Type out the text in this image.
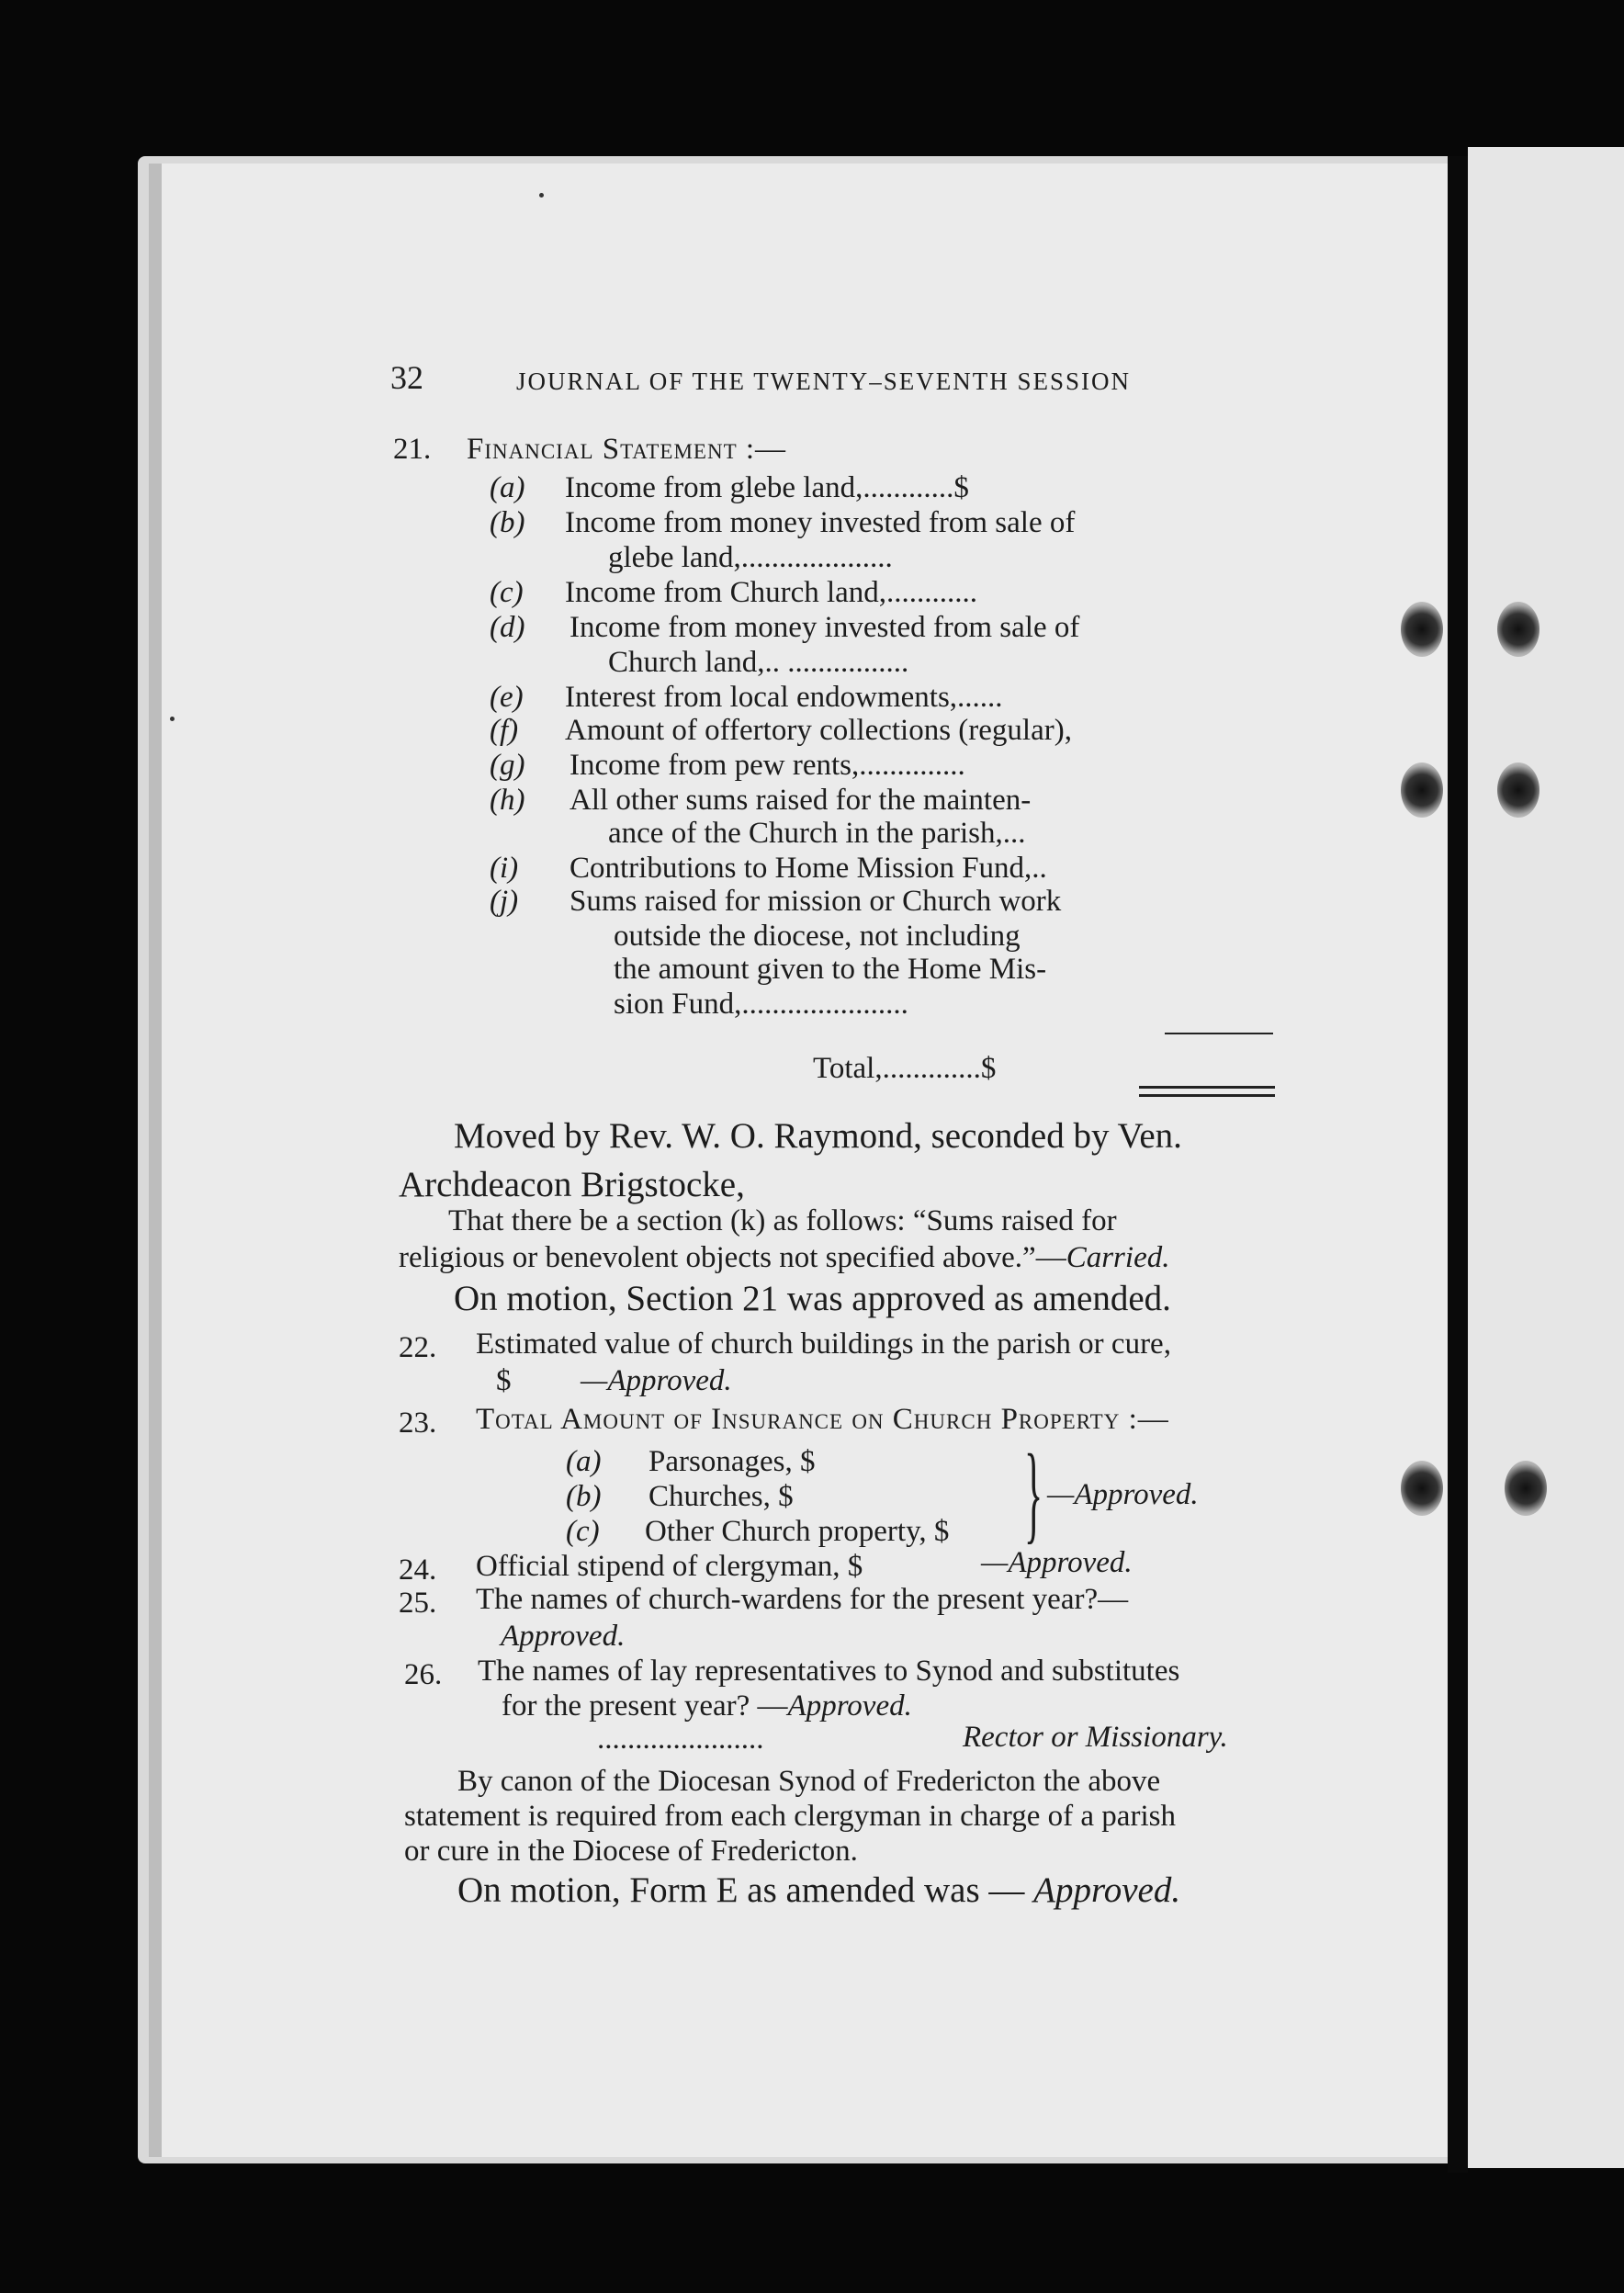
32	JOURNAL OF THE TWENTY–SEVENTH SESSION
21. Financial Statement :—
(a) Income from glebe land,............$
(b) Income from money invested from sale of
glebe land,....................
(c) Income from Church land,............
(d) Income from money invested from sale of
Church land,.. ................
(e) Interest from local endowments,......
(f) Amount of offertory collections (regular),
(g) Income from pew rents,..............
(h) All other sums raised for the mainten-
ance of the Church in the parish,...
(i) Contributions to Home Mission Fund,..
(j) Sums raised for mission or Church work
outside the diocese, not including
the amount given to the Home Mis-
sion Fund,......................
Total,.............$
Moved by Rev. W. O. Raymond, seconded by Ven.
Archdeacon Brigstocke,
That there be a section (k) as follows: “Sums raised for
religious or benevolent objects not specified above.”—Carried.
On motion, Section 21 was approved as amended.
22. Estimated value of church buildings in the parish or cure,
$ —Approved.
23. Total Amount of Insurance on Church Property :—
(a) Parsonages, $
(b) Churches, $
(c) Other Church property, $ } —Approved.
24. Official stipend of clergyman, $	—Approved.
25. The names of church-wardens for the present year?—
Approved.
26. The names of lay representatives to Synod and substitutes
for the present year? —Approved.
......................	Rector or Missionary.
By canon of the Diocesan Synod of Fredericton the above
statement is required from each clergyman in charge of a parish
or cure in the Diocese of Fredericton.
On motion, Form E as amended was — Approved.
